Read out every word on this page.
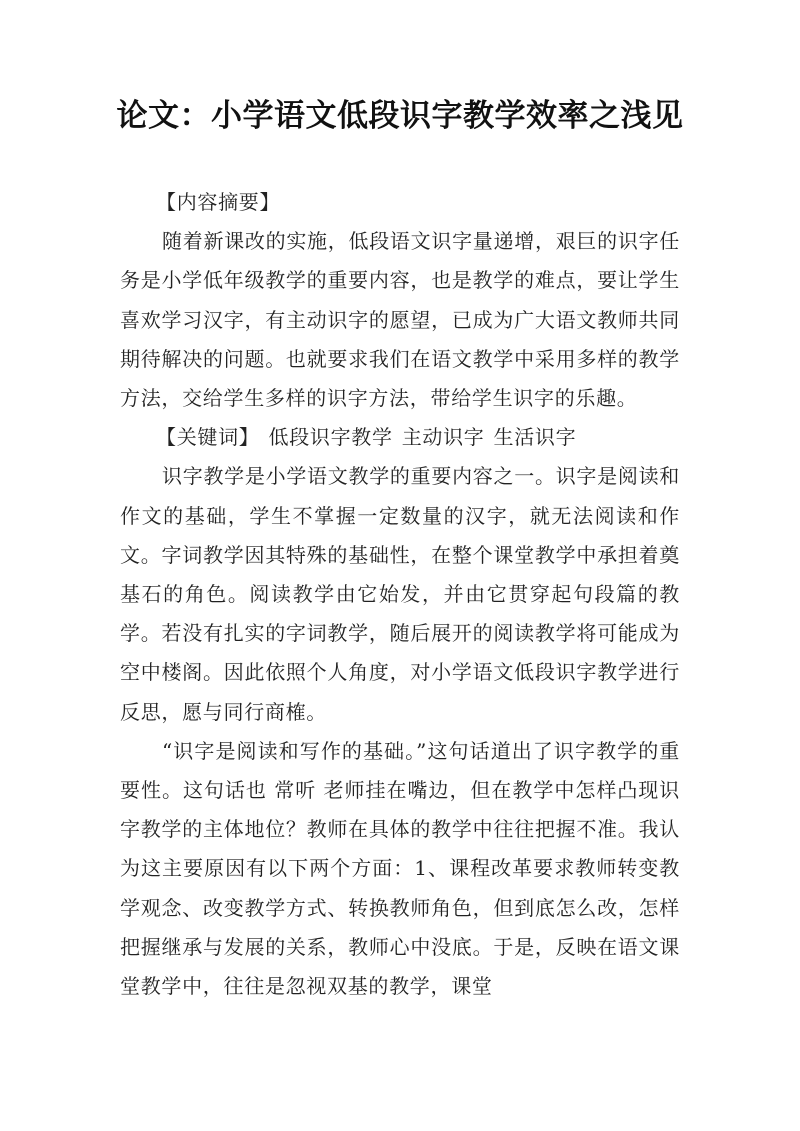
论文：小学语文低段识字教学效率之浅见

【内容摘要】

随着新课改的实施，低段语文识字量递增，艰巨的识字任务是小学低年级教学的重要内容，也是教学的难点，要让学生喜欢学习汉字，有主动识字的愿望，已成为广大语文教师共同期待解决的问题。也就要求我们在语文教学中采用多样的教学方法，交给学生多样的识字方法，带给学生识字的乐趣。

【关键词】 低段识字教学 主动识字 生活识字

识字教学是小学语文教学的重要内容之一。识字是阅读和作文的基础，学生不掌握一定数量的汉字，就无法阅读和作文。字词教学因其特殊的基础性，在整个课堂教学中承担着奠基石的角色。阅读教学由它始发，并由它贯穿起句段篇的教学。若没有扎实的字词教学，随后展开的阅读教学将可能成为空中楼阁。因此依照个人角度，对小学语文低段识字教学进行反思，愿与同行商榷。

“识字是阅读和写作的基础。”这句话道出了识字教学的重要性。这句话也 常听 老师挂在嘴边，但在教学中怎样凸现识字教学的主体地位？教师在具体的教学中往往把握不准。我认为这主要原因有以下两个方面：1、课程改革要求教师转变教学观念、改变教学方式、转换教师角色，但到底怎么改，怎样把握继承与发展的关系，教师心中没底。于是，反映在语文课堂教学中，往往是忽视双基的教学，课堂
